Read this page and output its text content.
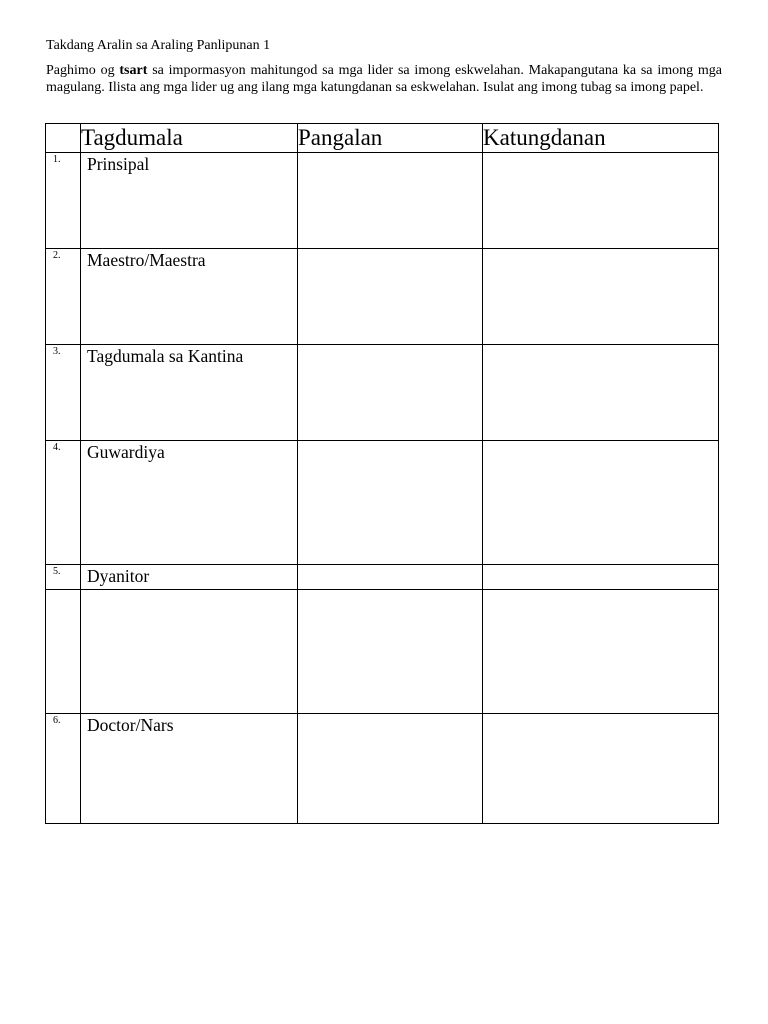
Takdang Aralin sa Araling Panlipunan 1
Paghimo og tsart sa impormasyon mahitungod sa mga lider sa imong eskwelahan. Makapangutana ka sa imong mga magulang. Ilista ang mga lider ug ang ilang mga katungdanan sa eskwelahan. Isulat ang imong tubag sa imong papel.
	Tagdumala	Pangalan	Katungdanan
1.	Prinsipal		
2.	Maestro/Maestra		
3.	Tagdumala sa Kantina		
4.	Guwardiya		
5.	Dyanitor		

6.	Doctor/Nars		
